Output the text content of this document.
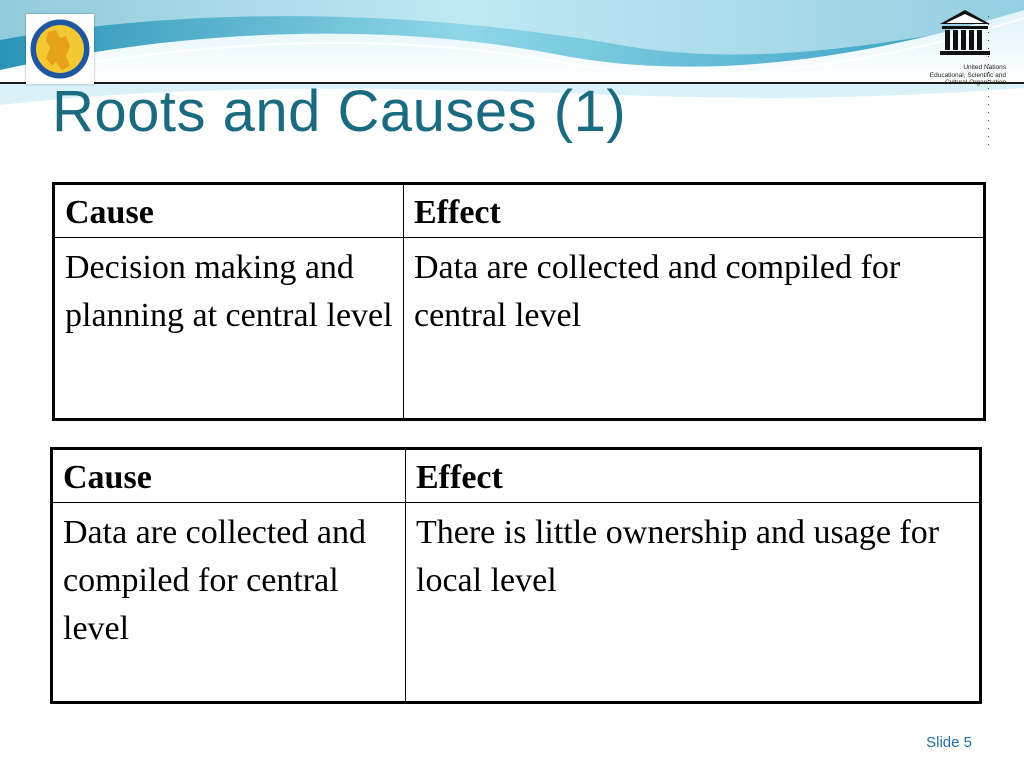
United Nations
Educational, Scientific and
Cultural Organization
Roots and Causes (1)
Cause	Effect
Decision making and planning at central level	Data are collected and compiled for central level
Cause	Effect
Data are collected and compiled for central level	There is little ownership and usage for local level
Slide 5
